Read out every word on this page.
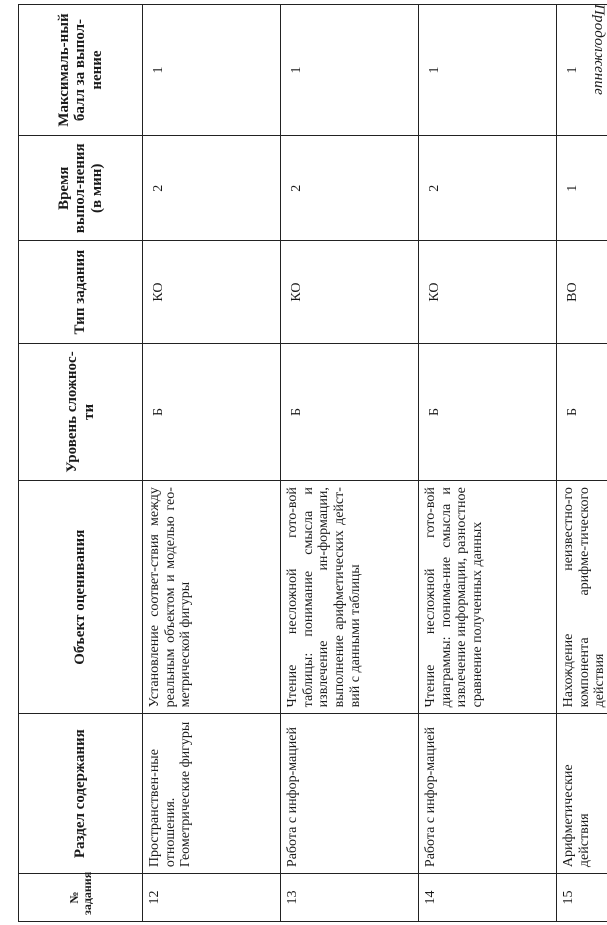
Продолжение
№ задания	Раздел содержания	Объект оценивания	Уровень сложнос-ти	Тип задания	Время выпол-нения (в мин)	Максималь-ный балл за выпол-нение
12	Пространствен-ные отношения. Геометрические фигуры	Установление соответ-ствия между реальным объектом и моделью гео-метрической фигуры	Б	КО	2	1
13	Работа с инфор-мацией	Чтение несложной гото-вой таблицы: понимание смысла и извлечение ин-формации, выполнение арифметических дейст-вий с данными таблицы	Б	КО	2	1
14	Работа с инфор-мацией	Чтение несложной гото-вой диаграммы: понима-ние смысла и извлечение информации, разностное сравнение полученных данных	Б	КО	2	1
15	Арифметические действия	Нахождение неизвестно-го компонента арифме-тического действия	Б	ВО	1	1
